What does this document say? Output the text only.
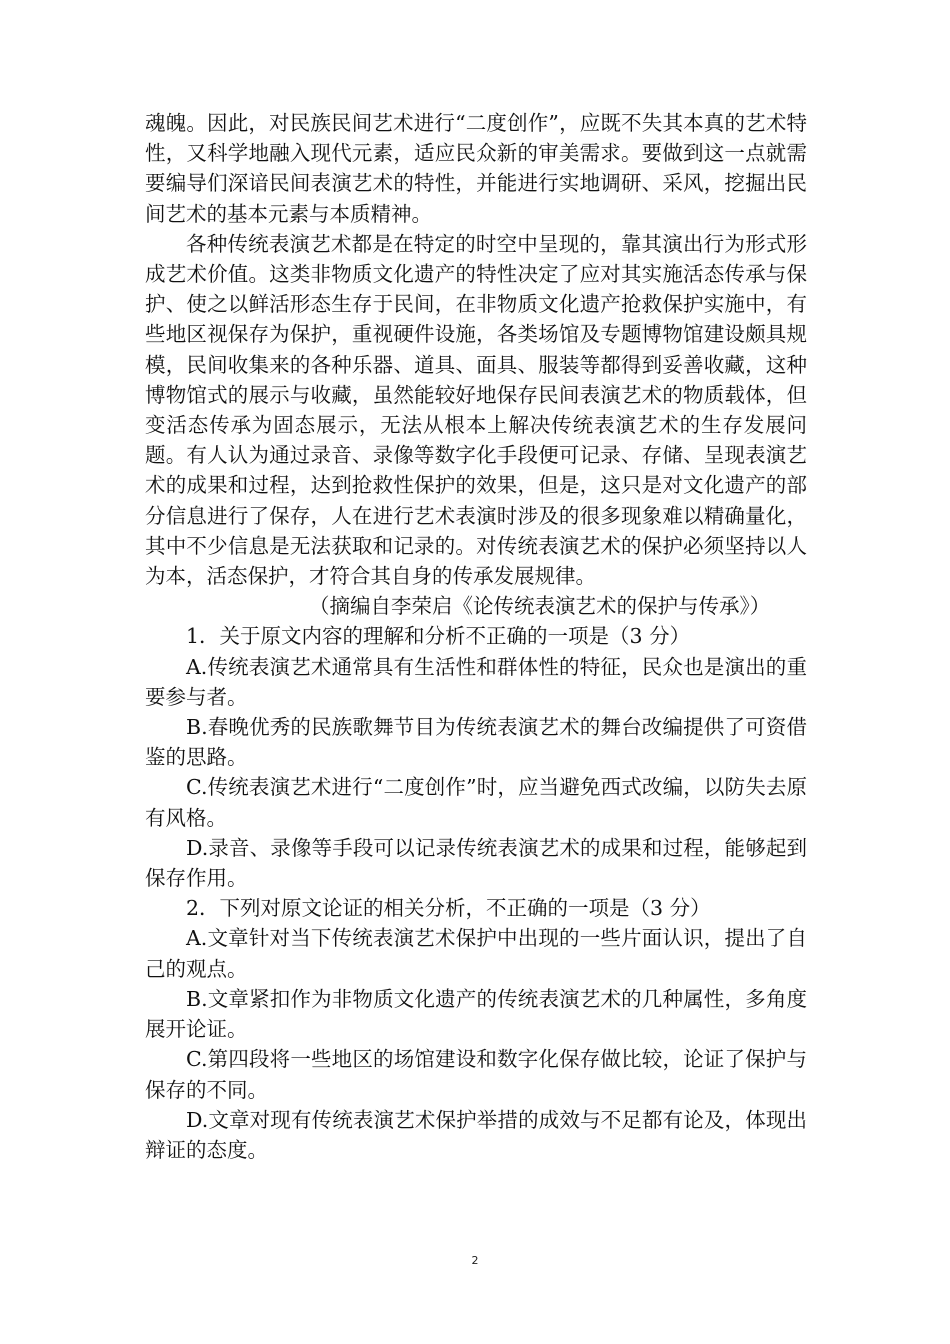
魂魄。因此，对民族民间艺术进行“二度创作”，应既不失其本真的艺术特性，又科学地融入现代元素，适应民众新的审美需求。要做到这一点就需要编导们深谙民间表演艺术的特性，并能进行实地调研、采风，挖掘出民间艺术的基本元素与本质精神。

各种传统表演艺术都是在特定的时空中呈现的，靠其演出行为形式形成艺术价值。这类非物质文化遗产的特性决定了应对其实施活态传承与保护、使之以鲜活形态生存于民间，在非物质文化遗产抢救保护实施中，有些地区视保存为保护，重视硬件设施，各类场馆及专题博物馆建设颇具规模，民间收集来的各种乐器、道具、面具、服装等都得到妥善收藏，这种博物馆式的展示与收藏，虽然能较好地保存民间表演艺术的物质载体，但变活态传承为固态展示，无法从根本上解决传统表演艺术的生存发展问题。有人认为通过录音、录像等数字化手段便可记录、存储、呈现表演艺术的成果和过程，达到抢救性保护的效果，但是，这只是对文化遗产的部分信息进行了保存，人在进行艺术表演时涉及的很多现象难以精确量化，其中不少信息是无法获取和记录的。对传统表演艺术的保护必须坚持以人为本，活态保护，才符合其自身的传承发展规律。

（摘编自李荣启《论传统表演艺术的保护与传承》）

1．关于原文内容的理解和分析不正确的一项是（3 分）

A.传统表演艺术通常具有生活性和群体性的特征，民众也是演出的重要参与者。

B.春晚优秀的民族歌舞节目为传统表演艺术的舞台改编提供了可资借鉴的思路。

C.传统表演艺术进行“二度创作”时，应当避免西式改编，以防失去原有风格。

D.录音、录像等手段可以记录传统表演艺术的成果和过程，能够起到保存作用。

2．下列对原文论证的相关分析，不正确的一项是（3 分）

A.文章针对当下传统表演艺术保护中出现的一些片面认识，提出了自己的观点。

B.文章紧扣作为非物质文化遗产的传统表演艺术的几种属性，多角度展开论证。

C.第四段将一些地区的场馆建设和数字化保存做比较，论证了保护与保存的不同。

D.文章对现有传统表演艺术保护举措的成效与不足都有论及，体现出辩证的态度。

2
